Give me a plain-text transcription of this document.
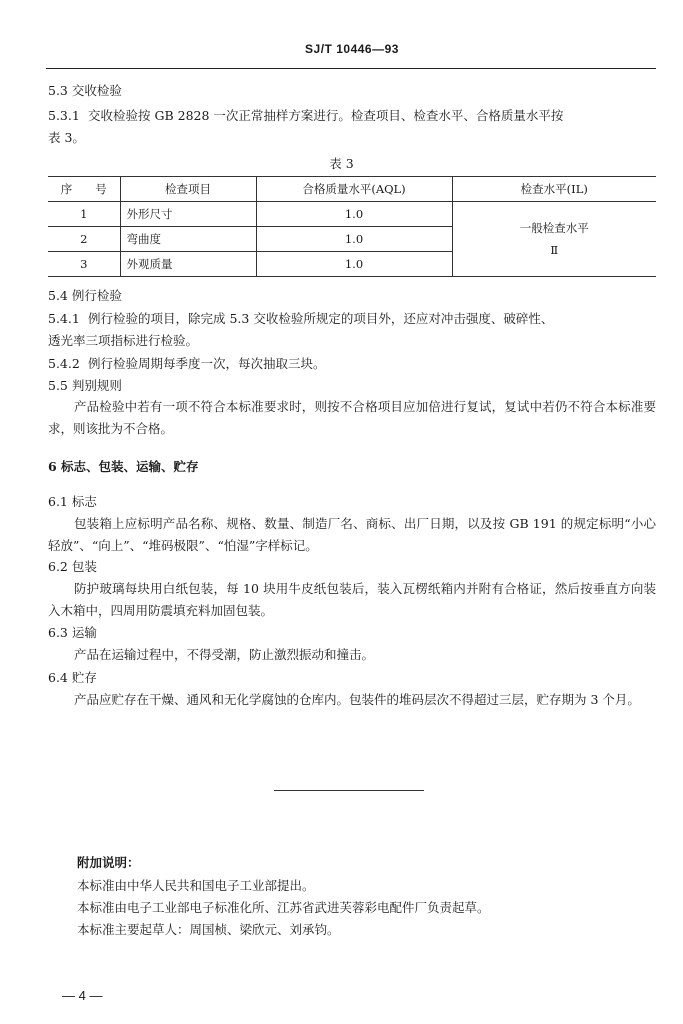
SJ/T 10446—93
5.3 交收检验
5.3.1 交收检验按 GB 2828 一次正常抽样方案进行。检查项目、检查水平、合格质量水平按
表 3。
表 3
序　　号	检查项目	合格质量水平(AQL)	检查水平(IL)
1	外形尺寸	1.0	一般检查水平
Ⅱ

2	弯曲度	1.0	
3	外观质量	1.0	
5.4 例行检验
5.4.1 例行检验的项目，除完成 5.3 交收检验所规定的项目外，还应对冲击强度、破碎性、
透光率三项指标进行检验。
5.4.2 例行检验周期每季度一次，每次抽取三块。
5.5 判别规则
产品检验中若有一项不符合本标准要求时，则按不合格项目应加倍进行复试，复试中若仍不符合本标准要求，则该批为不合格。
6 标志、包装、运输、贮存
6.1 标志
包装箱上应标明产品名称、规格、数量、制造厂名、商标、出厂日期，以及按 GB 191 的规定标明“小心轻放”、“向上”、“堆码极限”、“怕湿”字样标记。
6.2 包装
防护玻璃每块用白纸包装，每 10 块用牛皮纸包装后，装入瓦楞纸箱内并附有合格证，然后按垂直方向装入木箱中，四周用防震填充料加固包装。
6.3 运输
产品在运输过程中，不得受潮，防止激烈振动和撞击。
6.4 贮存
产品应贮存在干燥、通风和无化学腐蚀的仓库内。包装件的堆码层次不得超过三层，贮存期为 3 个月。
附加说明：
本标准由中华人民共和国电子工业部提出。
本标准由电子工业部电子标准化所、江苏省武进芙蓉彩电配件厂负责起草。
本标准主要起草人：周国桢、梁欣元、刘承钧。
— 4 —
